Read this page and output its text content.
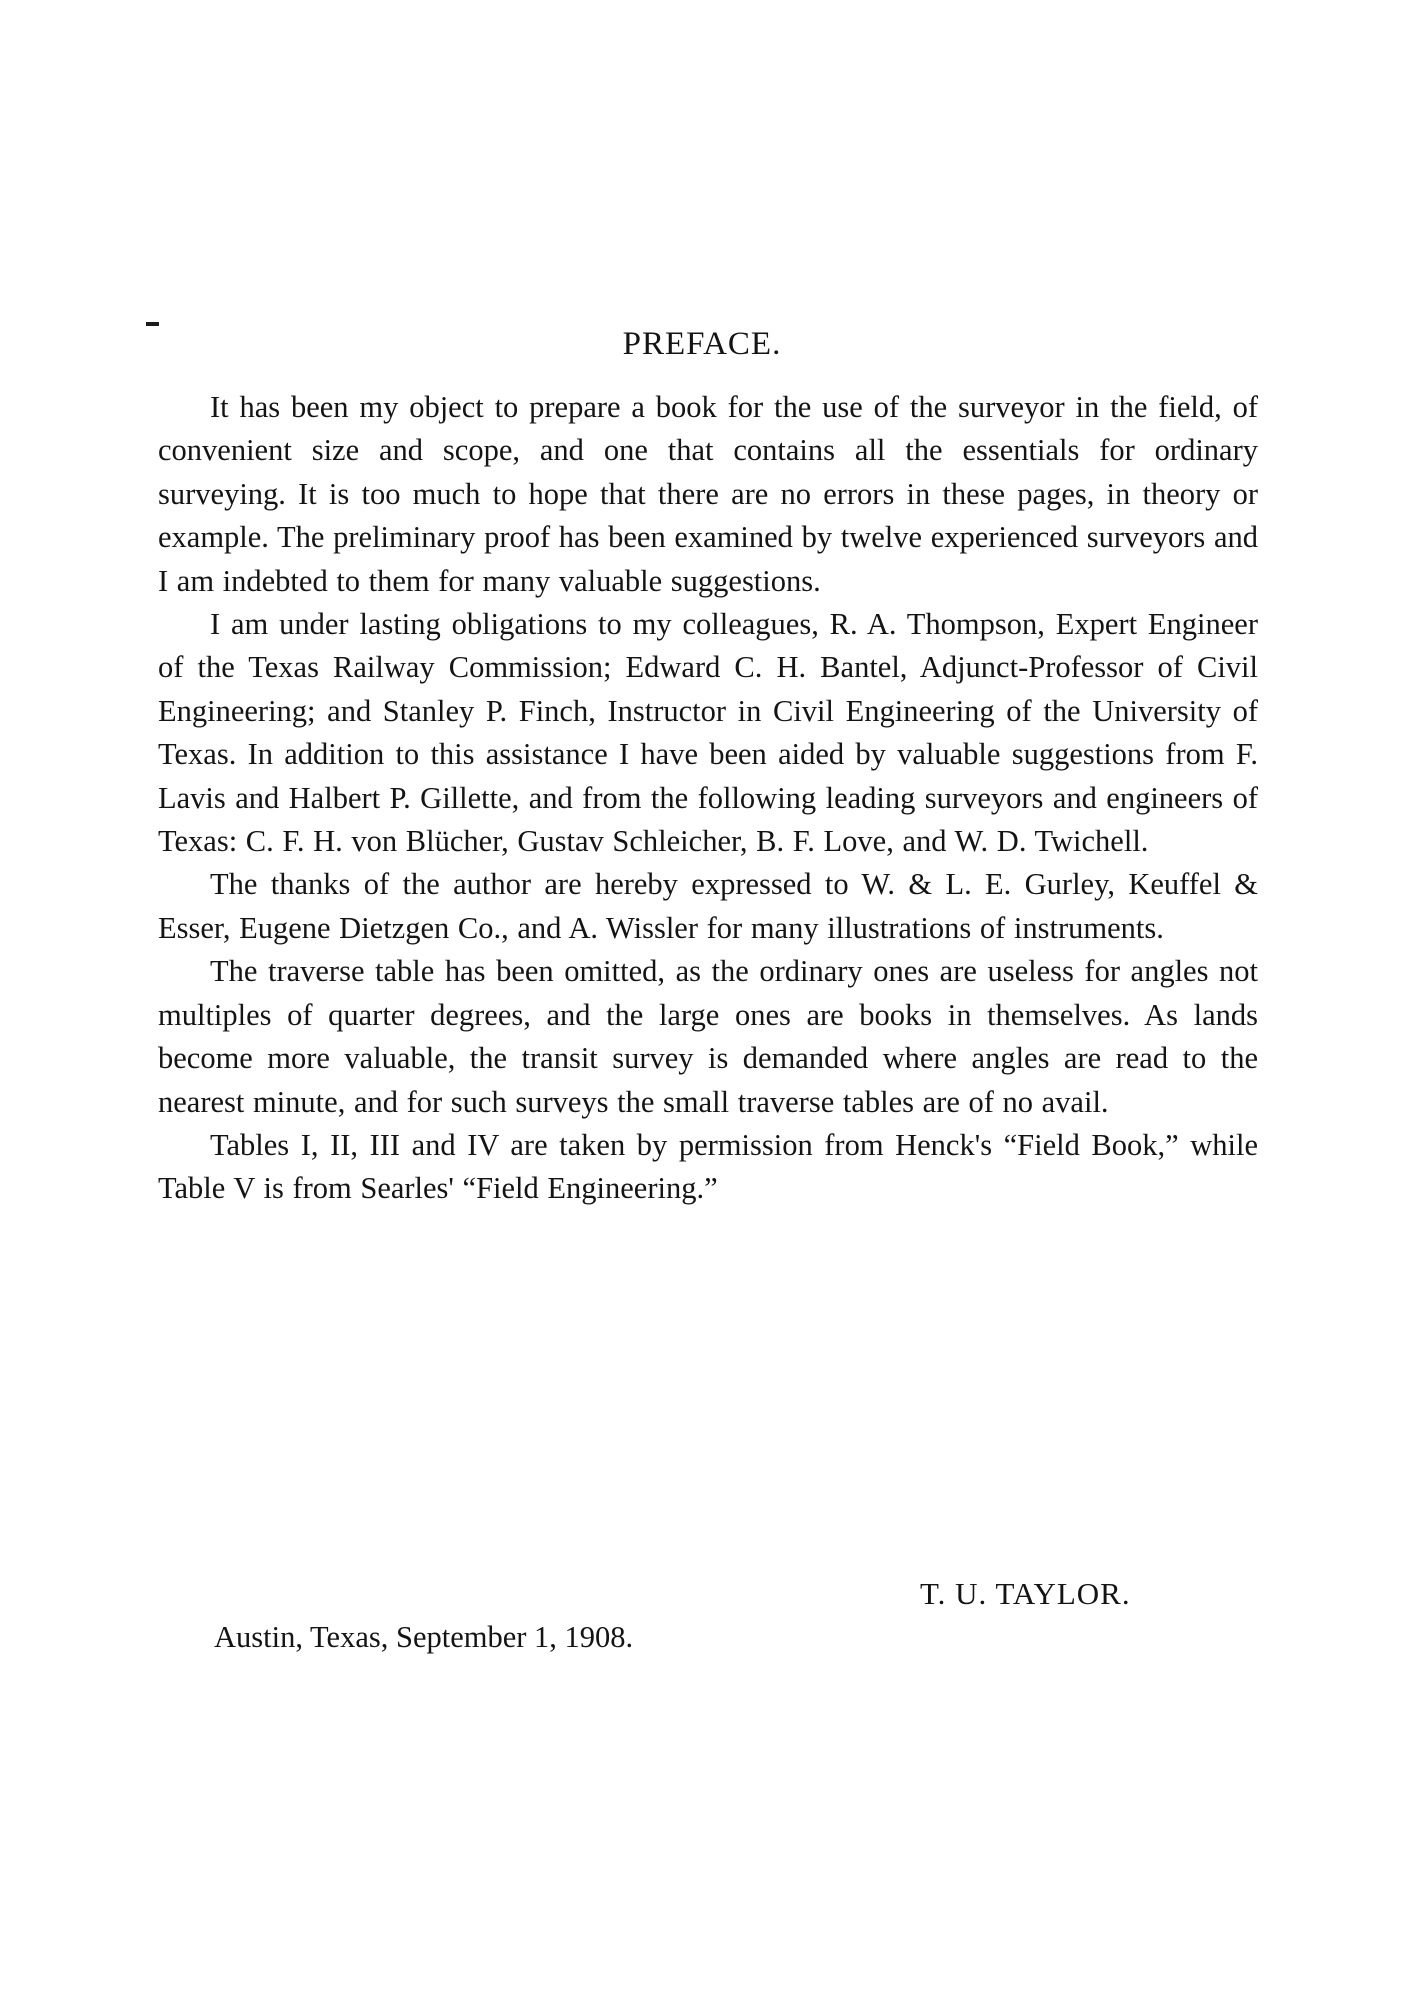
PREFACE.

It has been my object to prepare a book for the use of the surveyor in the field, of convenient size and scope, and one that contains all the essentials for ordinary surveying. It is too much to hope that there are no errors in these pages, in theory or example. The preliminary proof has been examined by twelve experienced surveyors and I am indebted to them for many valuable suggestions.

I am under lasting obligations to my colleagues, R. A. Thompson, Expert Engineer of the Texas Railway Commission; Edward C. H. Bantel, Adjunct-Professor of Civil Engineering; and Stanley P. Finch, Instructor in Civil Engineering of the University of Texas. In addition to this assistance I have been aided by valuable suggestions from F. Lavis and Halbert P. Gillette, and from the following leading surveyors and engineers of Texas: C. F. H. von Blücher, Gustav Schleicher, B. F. Love, and W. D. Twichell.

The thanks of the author are hereby expressed to W. & L. E. Gurley, Keuffel & Esser, Eugene Dietzgen Co., and A. Wissler for many illustrations of instruments.

The traverse table has been omitted, as the ordinary ones are useless for angles not multiples of quarter degrees, and the large ones are books in themselves. As lands become more valuable, the transit survey is demanded where angles are read to the nearest minute, and for such surveys the small traverse tables are of no avail.

Tables I, II, III and IV are taken by permission from Henck's “Field Book,” while Table V is from Searles' “Field Engineering.”

T. U. TAYLOR.
Austin, Texas, September 1, 1908.
